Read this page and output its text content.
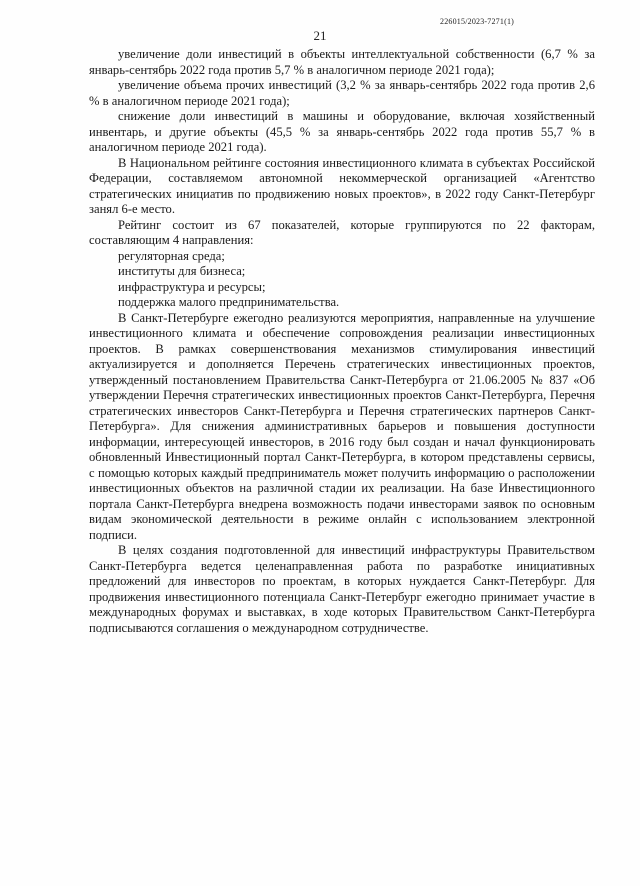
226015/2023-7271(1)
21

увеличение доли инвестиций в объекты интеллектуальной собственности (6,7 % за январь-сентябрь 2022 года против 5,7 % в аналогичном периоде 2021 года);

увеличение объема прочих инвестиций (3,2 % за январь-сентябрь 2022 года против 2,6 % в аналогичном периоде 2021 года);

снижение доли инвестиций в машины и оборудование, включая хозяйственный инвентарь, и другие объекты (45,5 % за январь-сентябрь 2022 года против 55,7 % в аналогичном периоде 2021 года).

В Национальном рейтинге состояния инвестиционного климата в субъектах Российской Федерации, составляемом автономной некоммерческой организацией «Агентство стратегических инициатив по продвижению новых проектов», в 2022 году Санкт-Петербург занял 6-е место.

Рейтинг состоит из 67 показателей, которые группируются по 22 факторам, составляющим 4 направления:

регуляторная среда;

институты для бизнеса;

инфраструктура и ресурсы;

поддержка малого предпринимательства.

В Санкт-Петербурге ежегодно реализуются мероприятия, направленные на улучшение инвестиционного климата и обеспечение сопровождения реализации инвестиционных проектов. В рамках совершенствования механизмов стимулирования инвестиций актуализируется и дополняется Перечень стратегических инвестиционных проектов, утвержденный постановлением Правительства Санкт-Петербурга от 21.06.2005 № 837 «Об утверждении Перечня стратегических инвестиционных проектов Санкт-Петербурга, Перечня стратегических инвесторов Санкт-Петербурга и Перечня стратегических партнеров Санкт-Петербурга». Для снижения административных барьеров и повышения доступности информации, интересующей инвесторов, в 2016 году был создан и начал функционировать обновленный Инвестиционный портал Санкт-Петербурга, в котором представлены сервисы, с помощью которых каждый предприниматель может получить информацию о расположении инвестиционных объектов на различной стадии их реализации. На базе Инвестиционного портала Санкт-Петербурга внедрена возможность подачи инвесторами заявок по основным видам экономической деятельности в режиме онлайн с использованием электронной подписи.

В целях создания подготовленной для инвестиций инфраструктуры Правительством Санкт-Петербурга ведется целенаправленная работа по разработке инициативных предложений для инвесторов по проектам, в которых нуждается Санкт-Петербург. Для продвижения инвестиционного потенциала Санкт-Петербург ежегодно принимает участие в международных форумах и выставках, в ходе которых Правительством Санкт-Петербурга подписываются соглашения о международном сотрудничестве.
